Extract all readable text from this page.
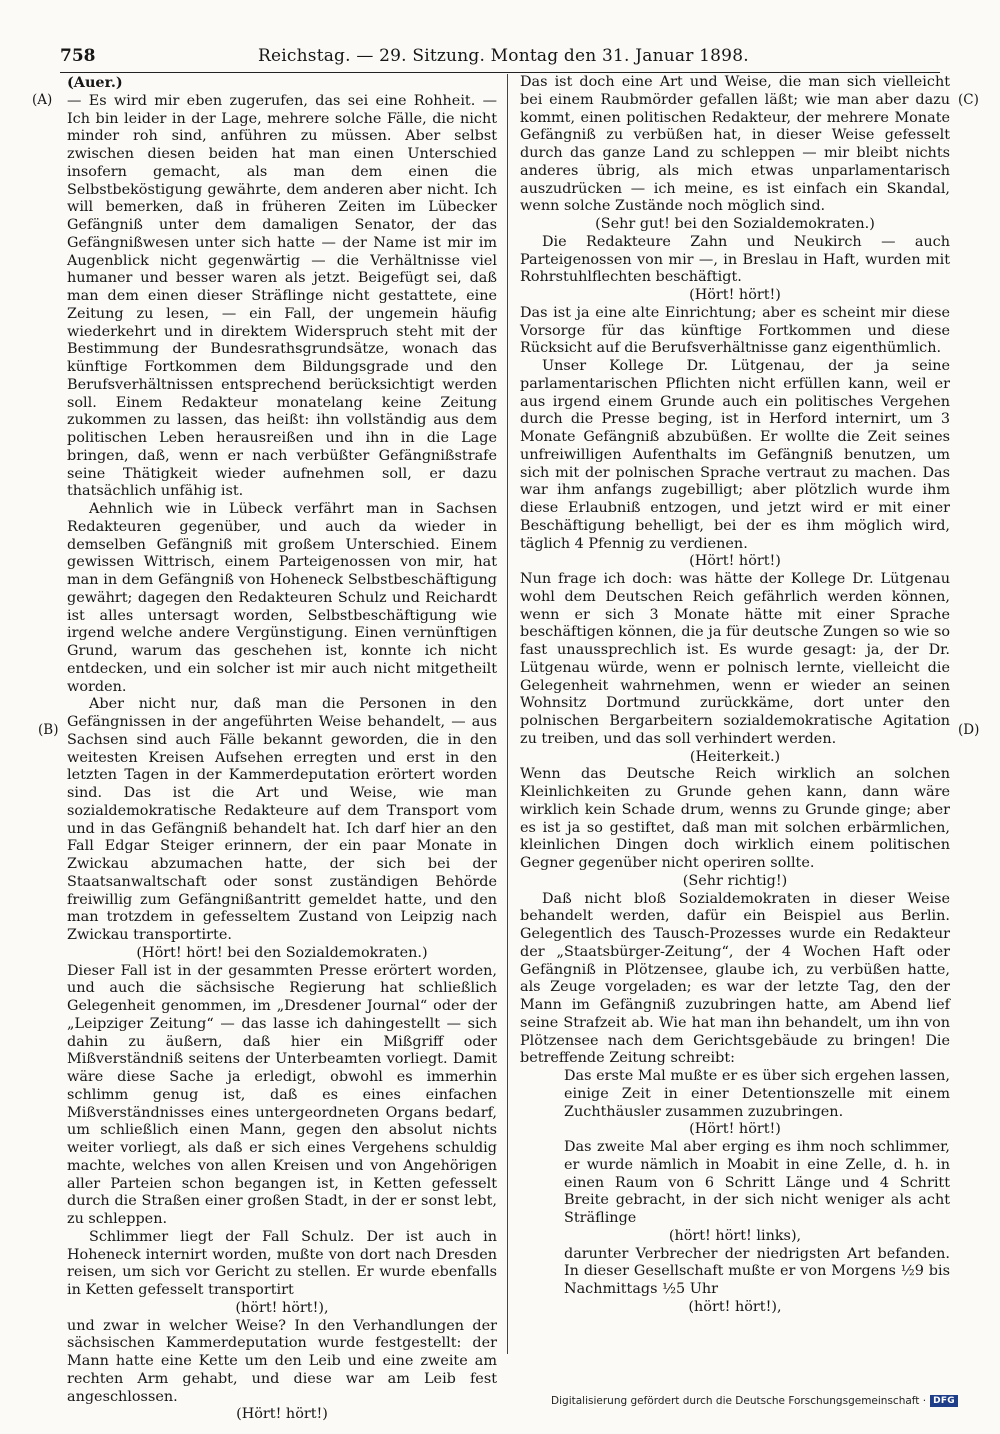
758	Reichstag. — 29. Sitzung. Montag den 31. Januar 1898.
(A)
(B)
(C)
(D)

(Auer.)

— Es wird mir eben zugerufen, das sei eine Rohheit. — Ich bin leider in der Lage, mehrere solche Fälle, die nicht minder roh sind, anführen zu müssen. Aber selbst zwischen diesen beiden hat man einen Unterschied insofern gemacht, als man dem einen die Selbstbeköstigung gewährte, dem anderen aber nicht. Ich will bemerken, daß in früheren Zeiten im Lübecker Gefängniß unter dem damaligen Senator, der das Gefängnißwesen unter sich hatte — der Name ist mir im Augenblick nicht gegenwärtig — die Verhältnisse viel humaner und besser waren als jetzt. Beigefügt sei, daß man dem einen dieser Sträflinge nicht gestattete, eine Zeitung zu lesen, — ein Fall, der ungemein häufig wiederkehrt und in direktem Widerspruch steht mit der Bestimmung der Bundesrathsgrundsätze, wonach das künftige Fortkommen dem Bildungsgrade und den Berufsverhältnissen entsprechend berücksichtigt werden soll. Einem Redakteur monatelang keine Zeitung zukommen zu lassen, das heißt: ihn vollständig aus dem politischen Leben herausreißen und ihn in die Lage bringen, daß, wenn er nach verbüßter Gefängnißstrafe seine Thätigkeit wieder aufnehmen soll, er dazu thatsächlich unfähig ist.

Aehnlich wie in Lübeck verfährt man in Sachsen Redakteuren gegenüber, und auch da wieder in demselben Gefängniß mit großem Unterschied. Einem gewissen Wittrisch, einem Parteigenossen von mir, hat man in dem Gefängniß von Hoheneck Selbstbeschäftigung gewährt; dagegen den Redakteuren Schulz und Reichardt ist alles untersagt worden, Selbstbeschäftigung wie irgend welche andere Vergünstigung. Einen vernünftigen Grund, warum das geschehen ist, konnte ich nicht entdecken, und ein solcher ist mir auch nicht mitgetheilt worden.

Aber nicht nur, daß man die Personen in den Gefängnissen in der angeführten Weise behandelt, — aus Sachsen sind auch Fälle bekannt geworden, die in den weitesten Kreisen Aufsehen erregten und erst in den letzten Tagen in der Kammerdeputation erörtert worden sind. Das ist die Art und Weise, wie man sozialdemokratische Redakteure auf dem Transport vom und in das Gefängniß behandelt hat. Ich darf hier an den Fall Edgar Steiger erinnern, der ein paar Monate in Zwickau abzumachen hatte, der sich bei der Staatsanwaltschaft oder sonst zuständigen Behörde freiwillig zum Gefängnißantritt gemeldet hatte, und den man trotzdem in gefesseltem Zustand von Leipzig nach Zwickau transportirte.

(Hört! hört! bei den Sozialdemokraten.)

Dieser Fall ist in der gesammten Presse erörtert worden, und auch die sächsische Regierung hat schließlich Gelegenheit genommen, im „Dresdener Journal“ oder der „Leipziger Zeitung“ — das lasse ich dahingestellt — sich dahin zu äußern, daß hier ein Mißgriff oder Mißverständniß seitens der Unterbeamten vorliegt. Damit wäre diese Sache ja erledigt, obwohl es immerhin schlimm genug ist, daß es eines einfachen Mißverständnisses eines untergeordneten Organs bedarf, um schließlich einen Mann, gegen den absolut nichts weiter vorliegt, als daß er sich eines Vergehens schuldig machte, welches von allen Kreisen und von Angehörigen aller Parteien schon begangen ist, in Ketten gefesselt durch die Straßen einer großen Stadt, in der er sonst lebt, zu schleppen.

Schlimmer liegt der Fall Schulz. Der ist auch in Hoheneck internirt worden, mußte von dort nach Dresden reisen, um sich vor Gericht zu stellen. Er wurde ebenfalls in Ketten gefesselt transportirt

(hört! hört!),

und zwar in welcher Weise? In den Verhandlungen der sächsischen Kammerdeputation wurde festgestellt: der Mann hatte eine Kette um den Leib und eine zweite am rechten Arm gehabt, und diese war am Leib fest angeschlossen.

(Hört! hört!)

Das ist doch eine Art und Weise, die man sich vielleicht bei einem Raubmörder gefallen läßt; wie man aber dazu kommt, einen politischen Redakteur, der mehrere Monate Gefängniß zu verbüßen hat, in dieser Weise gefesselt durch das ganze Land zu schleppen — mir bleibt nichts anderes übrig, als mich etwas unparlamentarisch auszudrücken — ich meine, es ist einfach ein Skandal, wenn solche Zustände noch möglich sind.

(Sehr gut! bei den Sozialdemokraten.)

Die Redakteure Zahn und Neukirch — auch Parteigenossen von mir —, in Breslau in Haft, wurden mit Rohrstuhlflechten beschäftigt.

(Hört! hört!)

Das ist ja eine alte Einrichtung; aber es scheint mir diese Vorsorge für das künftige Fortkommen und diese Rücksicht auf die Berufsverhältnisse ganz eigenthümlich.

Unser Kollege Dr. Lütgenau, der ja seine parlamentarischen Pflichten nicht erfüllen kann, weil er aus irgend einem Grunde auch ein politisches Vergehen durch die Presse beging, ist in Herford internirt, um 3 Monate Gefängniß abzubüßen. Er wollte die Zeit seines unfreiwilligen Aufenthalts im Gefängniß benutzen, um sich mit der polnischen Sprache vertraut zu machen. Das war ihm anfangs zugebilligt; aber plötzlich wurde ihm diese Erlaubniß entzogen, und jetzt wird er mit einer Beschäftigung behelligt, bei der es ihm möglich wird, täglich 4 Pfennig zu verdienen.

(Hört! hört!)

Nun frage ich doch: was hätte der Kollege Dr. Lütgenau wohl dem Deutschen Reich gefährlich werden können, wenn er sich 3 Monate hätte mit einer Sprache beschäftigen können, die ja für deutsche Zungen so wie so fast unaussprechlich ist. Es wurde gesagt: ja, der Dr. Lütgenau würde, wenn er polnisch lernte, vielleicht die Gelegenheit wahrnehmen, wenn er wieder an seinen Wohnsitz Dortmund zurückkäme, dort unter den polnischen Bergarbeitern sozialdemokratische Agitation zu treiben, und das soll verhindert werden.

(Heiterkeit.)

Wenn das Deutsche Reich wirklich an solchen Kleinlichkeiten zu Grunde gehen kann, dann wäre wirklich kein Schade drum, wenns zu Grunde ginge; aber es ist ja so gestiftet, daß man mit solchen erbärmlichen, kleinlichen Dingen doch wirklich einem politischen Gegner gegenüber nicht operiren sollte.

(Sehr richtig!)

Daß nicht bloß Sozialdemokraten in dieser Weise behandelt werden, dafür ein Beispiel aus Berlin. Gelegentlich des Tausch-Prozesses wurde ein Redakteur der „Staatsbürger-Zeitung“, der 4 Wochen Haft oder Gefängniß in Plötzensee, glaube ich, zu verbüßen hatte, als Zeuge vorgeladen; es war der letzte Tag, den der Mann im Gefängniß zuzubringen hatte, am Abend lief seine Strafzeit ab. Wie hat man ihn behandelt, um ihn von Plötzensee nach dem Gerichtsgebäude zu bringen! Die betreffende Zeitung schreibt:

Das erste Mal mußte er es über sich ergehen lassen, einige Zeit in einer Detentionszelle mit einem Zuchthäusler zusammen zuzubringen.

(Hört! hört!)

Das zweite Mal aber erging es ihm noch schlimmer, er wurde nämlich in Moabit in eine Zelle, d. h. in einen Raum von 6 Schritt Länge und 4 Schritt Breite gebracht, in der sich nicht weniger als acht Sträflinge

(hört! hört! links),

darunter Verbrecher der niedrigsten Art befanden. In dieser Gesellschaft mußte er von Morgens ½9 bis Nachmittags ½5 Uhr

(hört! hört!),

Digitalisierung gefördert durch die Deutsche Forschungsgemeinschaft · DFG
